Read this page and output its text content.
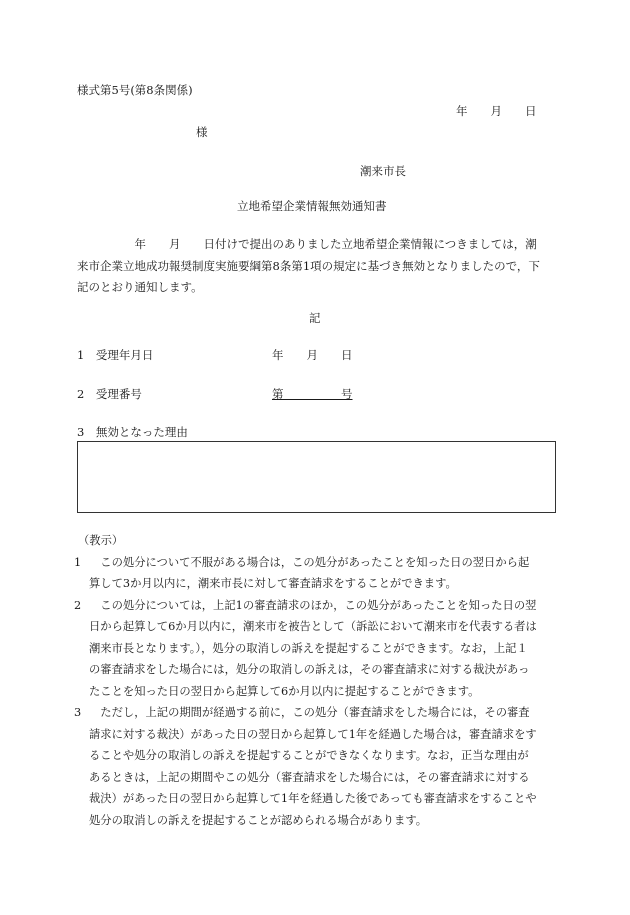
様式第5号(第8条関係)
年　　月　　日
様
潮来市長
立地希望企業情報無効通知書
　　　　　年　　月　　日付けで提出のありました立地希望企業情報につきましては，潮
来市企業立地成功報奨制度実施要綱第8条第1項の規定に基づき無効となりましたので，下
記のとおり通知します。
記
1　受理年月日	年　　月　　日
2　受理番号	第　　　　　号
3　無効となった理由
（教示）
1 　この処分について不服がある場合は，この処分があったことを知った日の翌日から起
算して3か月以内に，潮来市長に対して審査請求をすることができます。
2 　この処分については，上記1の審査請求のほか，この処分があったことを知った日の翌
日から起算して6か月以内に，潮来市を被告として（訴訟において潮来市を代表する者は
潮来市長となります。），処分の取消しの訴えを提起することができます。なお，上記１
の審査請求をした場合には，処分の取消しの訴えは，その審査請求に対する裁決があっ
たことを知った日の翌日から起算して6か月以内に提起することができます。
3 　ただし，上記の期間が経過する前に，この処分（審査請求をした場合には，その審査
請求に対する裁決）があった日の翌日から起算して1年を経過した場合は，審査請求をす
ることや処分の取消しの訴えを提起することができなくなります。なお，正当な理由が
あるときは，上記の期間やこの処分（審査請求をした場合には，その審査請求に対する
裁決）があった日の翌日から起算して1年を経過した後であっても審査請求をすることや
処分の取消しの訴えを提起することが認められる場合があります。
